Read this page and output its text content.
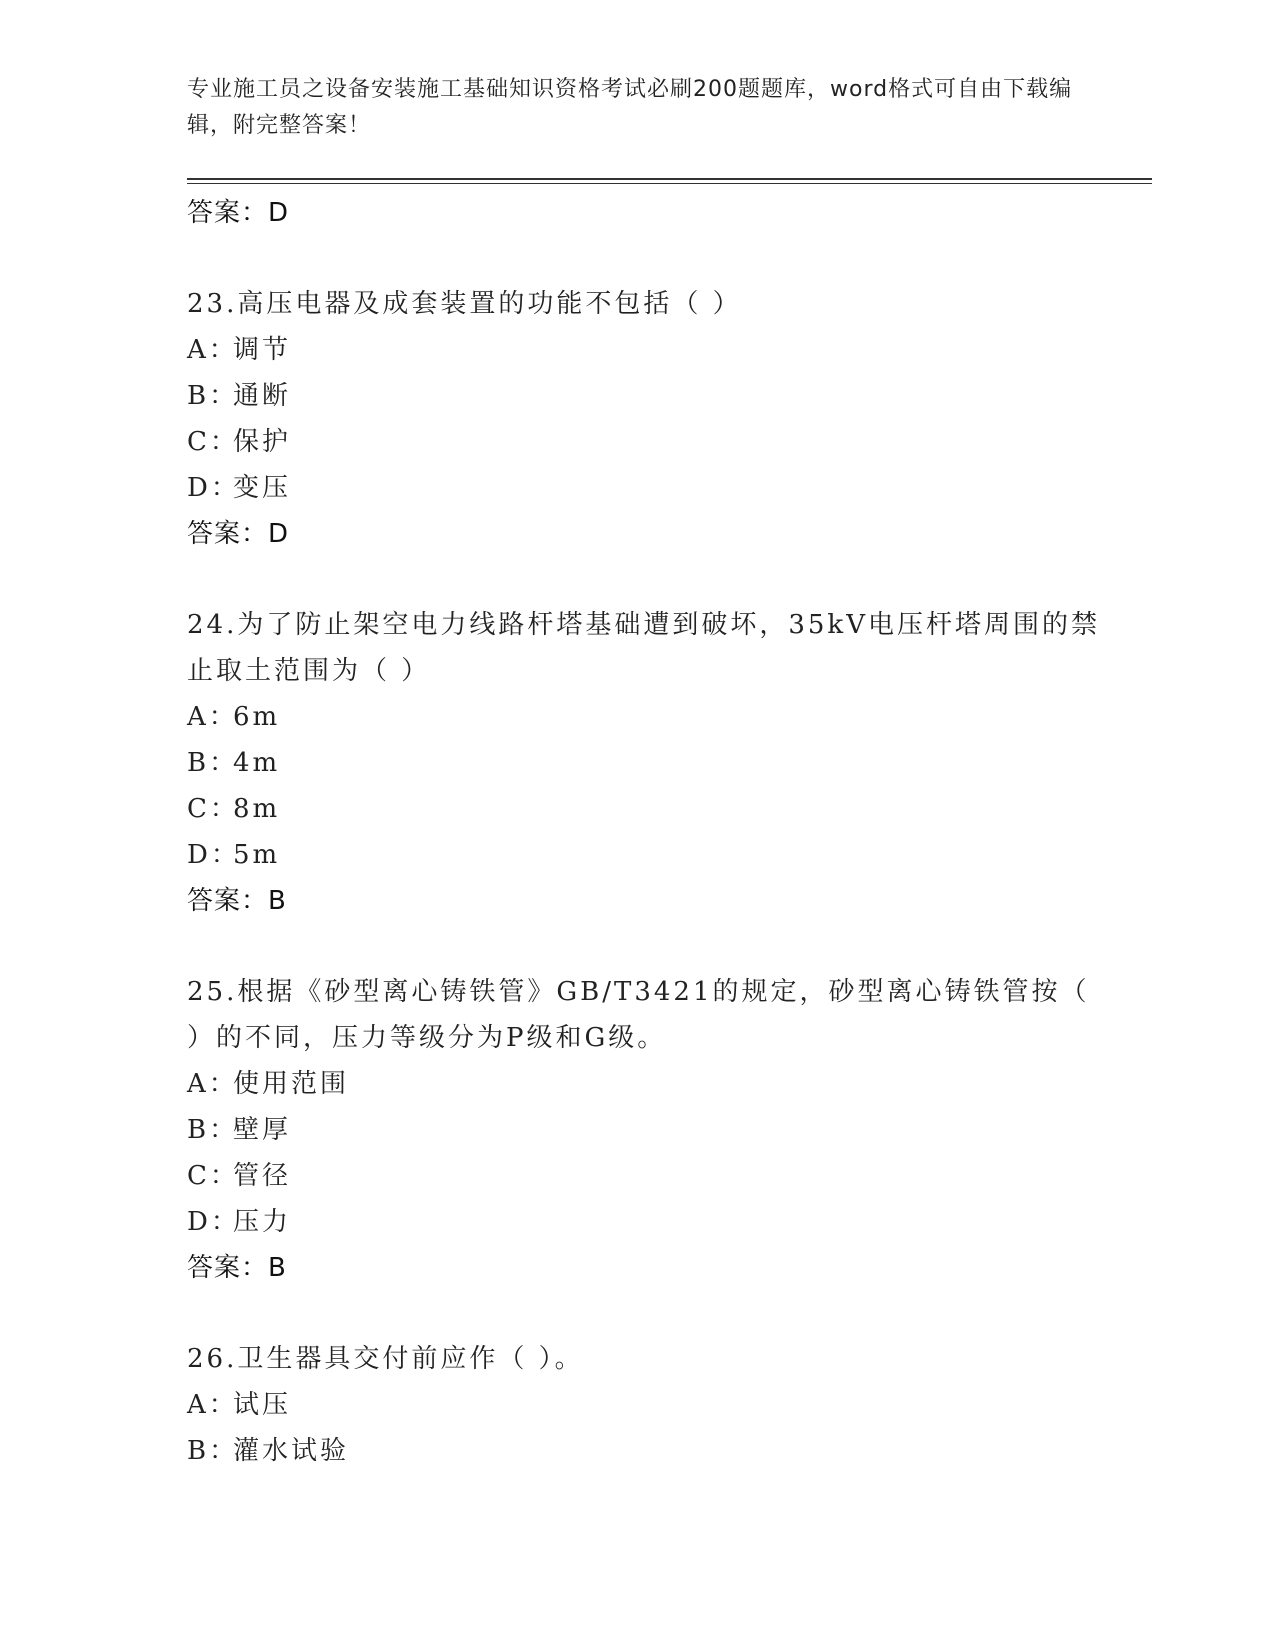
专业施工员之设备安装施工基础知识资格考试必刷200题题库，word格式可自由下载编辑，附完整答案！
答案：D
23.高压电器及成套装置的功能不包括（ ）
A：调节
B：通断
C：保护
D：变压
答案：D
24.为了防止架空电力线路杆塔基础遭到破坏，35kV电压杆塔周围的禁止取土范围为（ ）
A：6m
B：4m
C：8m
D：5m
答案：B
25.根据《砂型离心铸铁管》GB/T3421的规定，砂型离心铸铁管按（ ）的不同，压力等级分为P级和G级。
A：使用范围
B：壁厚
C：管径
D：压力
答案：B
26.卫生器具交付前应作（ ）。
A：试压
B：灌水试验
